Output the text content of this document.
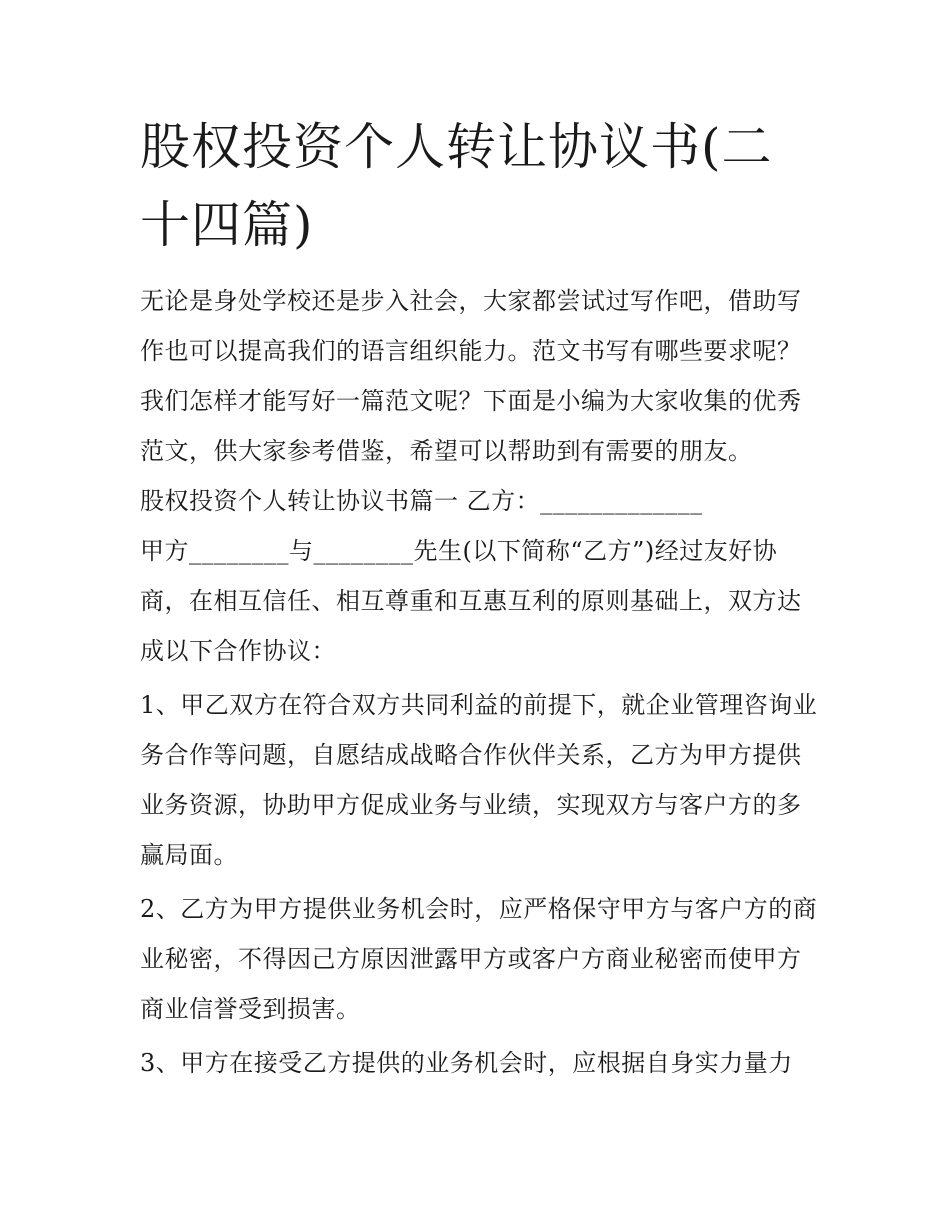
股权投资个人转让协议书(二十四篇)

无论是身处学校还是步入社会，大家都尝试过写作吧，借助写作也可以提高我们的语言组织能力。范文书写有哪些要求呢？我们怎样才能写好一篇范文呢？下面是小编为大家收集的优秀范文，供大家参考借鉴，希望可以帮助到有需要的朋友。

股权投资个人转让协议书篇一 乙方：_____________

甲方________与________先生(以下简称“乙方”)经过友好协商，在相互信任、相互尊重和互惠互利的原则基础上，双方达成以下合作协议：

1、甲乙双方在符合双方共同利益的前提下，就企业管理咨询业务合作等问题，自愿结成战略合作伙伴关系，乙方为甲方提供业务资源，协助甲方促成业务与业绩，实现双方与客户方的多赢局面。

2、乙方为甲方提供业务机会时，应严格保守甲方与客户方的商业秘密，不得因己方原因泄露甲方或客户方商业秘密而使甲方商业信誉受到损害。

3、甲方在接受乙方提供的业务机会时，应根据自身实力量力
